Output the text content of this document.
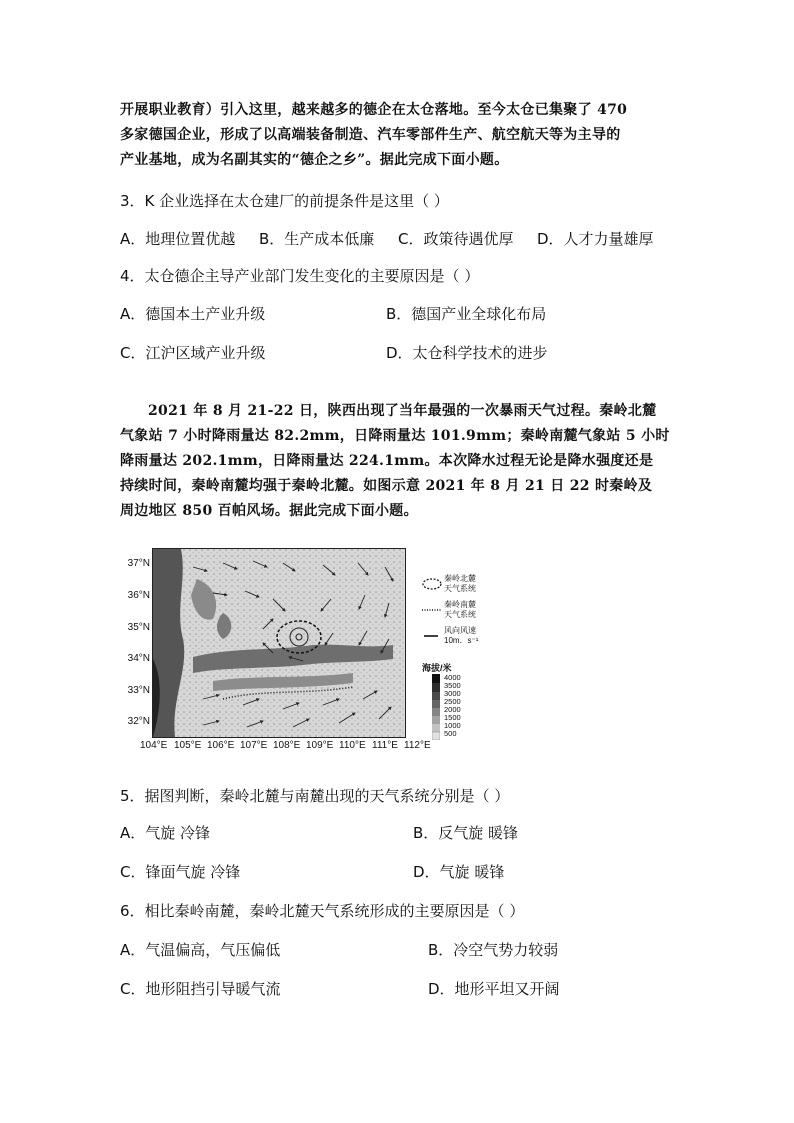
开展职业教育）引入这里，越来越多的德企在太仓落地。至今太仓已集聚了 470
多家德国企业，形成了以高端装备制造、汽车零部件生产、航空航天等为主导的
产业基地，成为名副其实的“德企之乡”。据此完成下面小题。
3．K 企业选择在太仓建厂的前提条件是这里（ ）
A．地理位置优越 B．生产成本低廉 C．政策待遇优厚 D．人才力量雄厚
4．太仓德企主导产业部门发生变化的主要原因是（ ）
A．德国本土产业升级	B．德国产业全球化布局
C．江沪区域产业升级	D．太仓科学技术的进步
2021 年 8 月 21-22 日，陕西出现了当年最强的一次暴雨天气过程。秦岭北麓
气象站 7 小时降雨量达 82.2mm，日降雨量达 101.9mm；秦岭南麓气象站 5 小时
降雨量达 202.1mm，日降雨量达 224.1mm。本次降水过程无论是降水强度还是
持续时间，秦岭南麓均强于秦岭北麓。如图示意 2021 年 8 月 21 日 22 时秦岭及
周边地区 850 百帕风场。据此完成下面小题。
37°N
36°N
35°N
34°N
33°N
32°N
104°E 105°E 106°E 107°E 108°E 109°E 110°E 111°E 112°E
秦岭北麓
天气系统
秦岭南麓
天气系统
风向风速
10m．s⁻¹
海拔/米
4000
3500
3000
2500
2000
1500
1000
500
5．据图判断，秦岭北麓与南麓出现的天气系统分别是（ ）
A．气旋 冷锋	B．反气旋 暖锋
C．锋面气旋 冷锋	D．气旋 暖锋
6．相比秦岭南麓，秦岭北麓天气系统形成的主要原因是（ ）
A．气温偏高，气压偏低	B．冷空气势力较弱
C．地形阻挡引导暖气流	D．地形平坦又开阔
